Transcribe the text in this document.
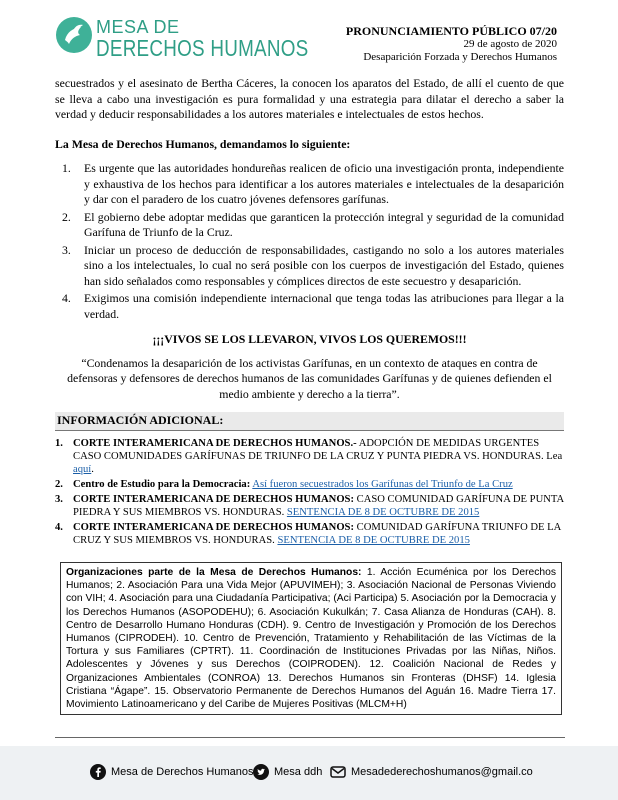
MESA DE
DERECHOS HUMANOS
PRONUNCIAMIENTO PÚBLICO 07/20
29 de agosto de 2020
Desaparición Forzada y Derechos Humanos

secuestrados y el asesinato de Bertha Cáceres, la conocen los aparatos del Estado, de allí el cuento de que se lleva a cabo una investigación es pura formalidad y una estrategia para dilatar el derecho a saber la verdad y deducir responsabilidades a los autores materiales e intelectuales de estos hechos.

La Mesa de Derechos Humanos, demandamos lo siguiente:

1. Es urgente que las autoridades hondureñas realicen de oficio una investigación pronta, independiente y exhaustiva de los hechos para identificar a los autores materiales e intelectuales de la desaparición y dar con el paradero de los cuatro jóvenes defensores garífunas.
2. El gobierno debe adoptar medidas que garanticen la protección integral y seguridad de la comunidad Garífuna de Triunfo de la Cruz.
3. Iniciar un proceso de deducción de responsabilidades, castigando no solo a los autores materiales sino a los intelectuales, lo cual no será posible con los cuerpos de investigación del Estado, quienes han sido señalados como responsables y cómplices directos de este secuestro y desaparición.
4. Exigimos una comisión independiente internacional que tenga todas las atribuciones para llegar a la verdad.

¡¡¡VIVOS SE LOS LLEVARON, VIVOS LOS QUEREMOS!!!

“Condenamos la desaparición de los activistas Garífunas, en un contexto de ataques en contra de defensoras y defensores de derechos humanos de las comunidades Garífunas y de quienes defienden el medio ambiente y derecho a la tierra”.

INFORMACIÓN ADICIONAL:
1. CORTE INTERAMERICANA DE DERECHOS HUMANOS.- ADOPCIÓN DE MEDIDAS URGENTES CASO COMUNIDADES GARÍFUNAS DE TRIUNFO DE LA CRUZ Y PUNTA PIEDRA VS. HONDURAS. Lea aquí.
2. Centro de Estudio para la Democracia: Así fueron secuestrados los Garífunas del Triunfo de La Cruz
3. CORTE INTERAMERICANA DE DERECHOS HUMANOS: CASO COMUNIDAD GARÍFUNA DE PUNTA PIEDRA Y SUS MIEMBROS VS. HONDURAS. SENTENCIA DE 8 DE OCTUBRE DE 2015
4. CORTE INTERAMERICANA DE DERECHOS HUMANOS: COMUNIDAD GARÍFUNA TRIUNFO DE LA CRUZ Y SUS MIEMBROS VS. HONDURAS. SENTENCIA DE 8 DE OCTUBRE DE 2015
Organizaciones parte de la Mesa de Derechos Humanos: 1. Acción Ecuménica por los Derechos Humanos; 2. Asociación Para una Vida Mejor (APUVIMEH); 3. Asociación Nacional de Personas Viviendo con VIH; 4. Asociación para una Ciudadanía Participativa; (Aci Participa) 5. Asociación por la Democracia y los Derechos Humanos (ASOPODEHU); 6. Asociación Kukulkán; 7. Casa Alianza de Honduras (CAH). 8. Centro de Desarrollo Humano Honduras (CDH). 9. Centro de Investigación y Promoción de los Derechos Humanos (CIPRODEH). 10. Centro de Prevención, Tratamiento y Rehabilitación de las Víctimas de la Tortura y sus Familiares (CPTRT). 11. Coordinación de Instituciones Privadas por las Niñas, Niños. Adolescentes y Jóvenes y sus Derechos (COIPRODEN). 12. Coalición Nacional de Redes y Organizaciones Ambientales (CONROA) 13. Derechos Humanos sin Fronteras (DHSF) 14. Iglesia Cristiana “Ágape”. 15. Observatorio Permanente de Derechos Humanos del Aguán 16. Madre Tierra 17. Movimiento Latinoamericano y del Caribe de Mujeres Positivas (MLCM+H)
Mesa de Derechos Humanos Mesa ddh	Mesadederechoshumanos@gmail.co
